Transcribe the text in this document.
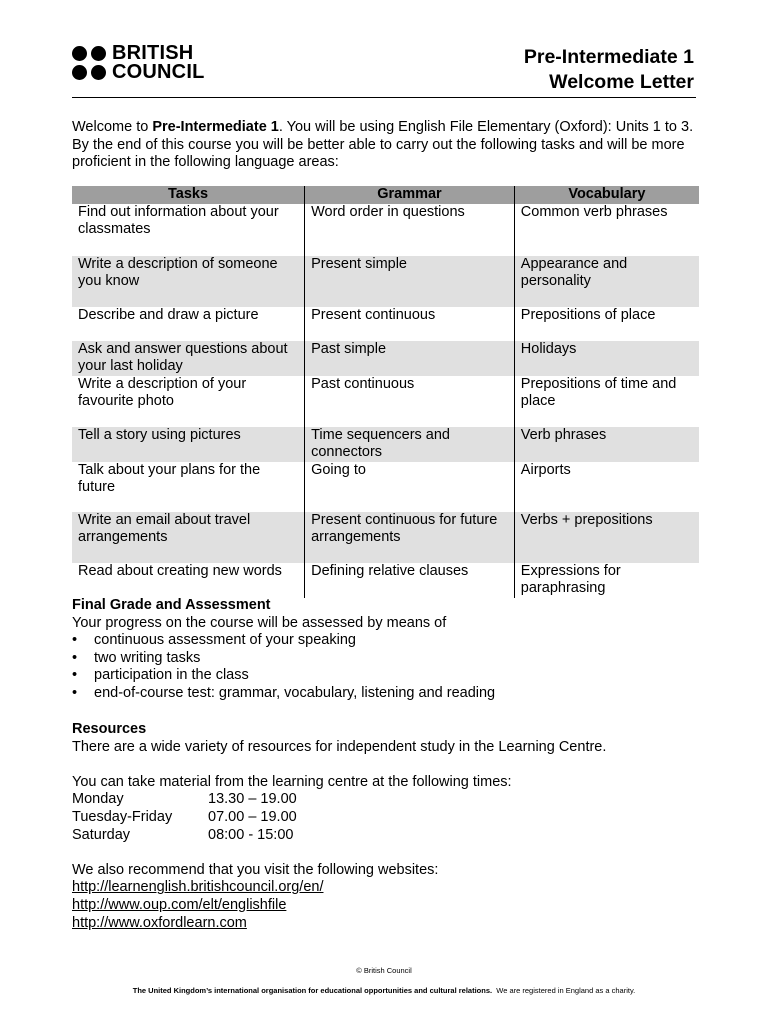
BRITISH
COUNCIL
Pre-Intermediate 1
Welcome Letter
Welcome to Pre-Intermediate 1. You will be using English File Elementary (Oxford): Units 1 to 3. By the end of this course you will be better able to carry out the following tasks and will be more proficient in the following language areas:
Tasks	Grammar	Vocabulary
Find out information about your classmates	Word order in questions	Common verb phrases
Write a description of someone you know	Present simple	Appearance and personality
Describe and draw a picture	Present continuous	Prepositions of place
Ask and answer questions about your last holiday	Past simple	Holidays
Write a description of your favourite photo	Past continuous	Prepositions of time and place
Tell a story using pictures	Time sequencers and connectors	Verb phrases
Talk about your plans for the future	Going to	Airports
Write an email about travel arrangements	Present continuous for future arrangements	Verbs + prepositions
Read about creating new words	Defining relative clauses	Expressions for paraphrasing
Final Grade and Assessment
Your progress on the course will be assessed by means of
• continuous assessment of your speaking
• two writing tasks
• participation in the class
• end-of-course test: grammar, vocabulary, listening and reading
Resources
There are a wide variety of resources for independent study in the Learning Centre.
You can take material from the learning centre at the following times:
Monday	13.30 – 19.00
Tuesday-Friday	07.00 – 19.00
Saturday	08:00 - 15:00
We also recommend that you visit the following websites:
http://learnenglish.britishcouncil.org/en/
http://www.oup.com/elt/englishfile
http://www.oxfordlearn.com
© British Council
The United Kingdom’s international organisation for educational opportunities and cultural relations. We are registered in England as a charity.
